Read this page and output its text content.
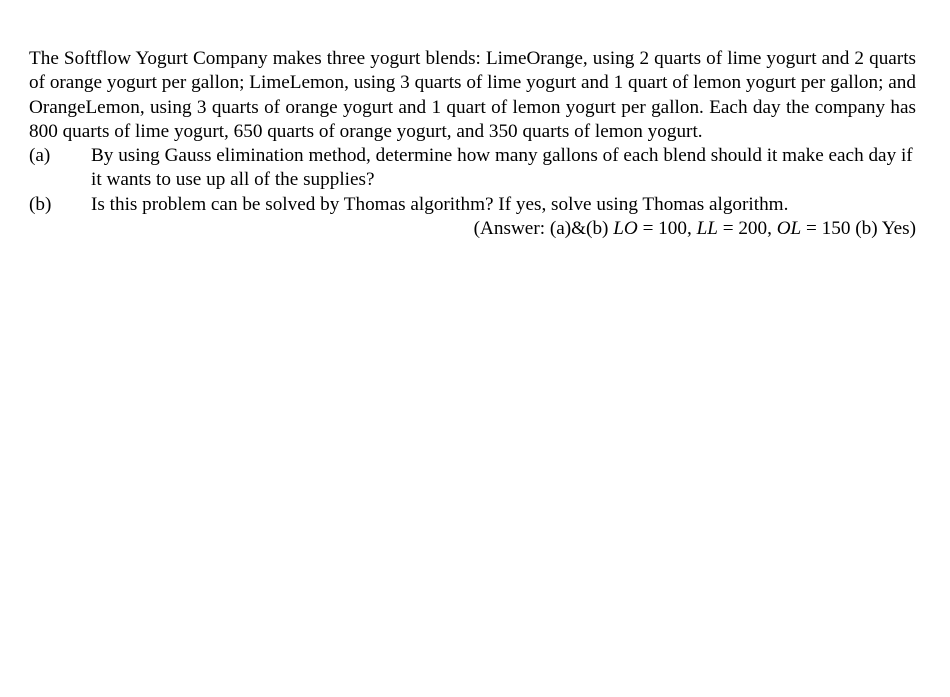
The Softflow Yogurt Company makes three yogurt blends: LimeOrange, using 2 quarts of lime yogurt and 2 quarts of orange yogurt per gallon; LimeLemon, using 3 quarts of lime yogurt and 1 quart of lemon yogurt per gallon; and OrangeLemon, using 3 quarts of orange yogurt and 1 quart of lemon yogurt per gallon. Each day the company has 800 quarts of lime yogurt, 650 quarts of orange yogurt, and 350 quarts of lemon yogurt.

(a)	By using Gauss elimination method, determine how many gallons of each blend should it make each day if it wants to use up all of the supplies?
(b)	Is this problem can be solved by Thomas algorithm? If yes, solve using Thomas algorithm.

(Answer: (a)&(b) LO = 100, LL = 200, OL = 150 (b) Yes)
